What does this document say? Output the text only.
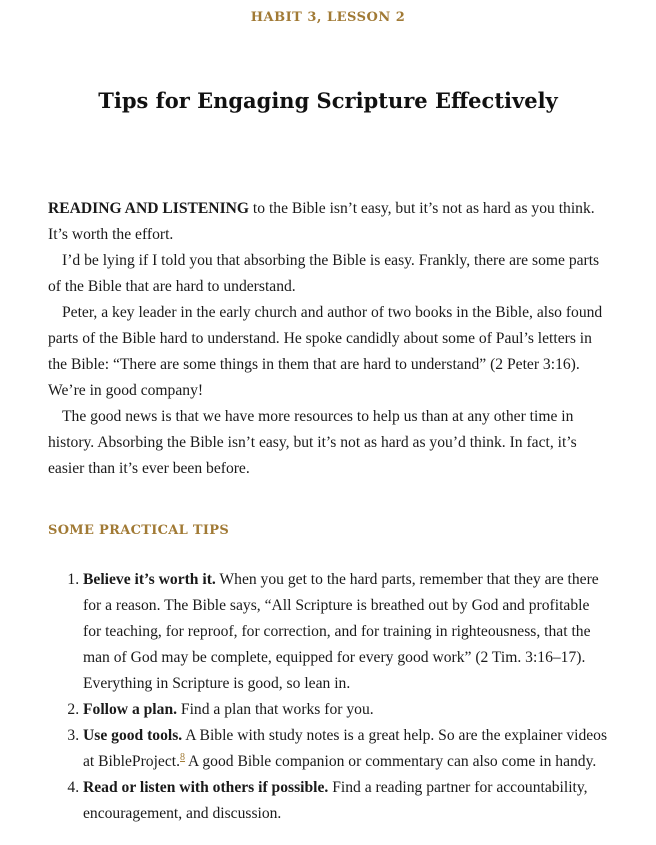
HABIT 3, LESSON 2
Tips for Engaging Scripture Effectively

READING AND LISTENING to the Bible isn’t easy, but it’s not as hard as you think. It’s worth the effort.

I’d be lying if I told you that absorbing the Bible is easy. Frankly, there are some parts of the Bible that are hard to understand.

Peter, a key leader in the early church and author of two books in the Bible, also found parts of the Bible hard to understand. He spoke candidly about some of Paul’s letters in the Bible: “There are some things in them that are hard to understand” (2 Peter 3:16). We’re in good company!

The good news is that we have more resources to help us than at any other time in history. Absorbing the Bible isn’t easy, but it’s not as hard as you’d think. In fact, it’s easier than it’s ever been before.

SOME PRACTICAL TIPS
1. Believe it’s worth it. When you get to the hard parts, remember that they are there for a reason. The Bible says, “All Scripture is breathed out by God and profitable for teaching, for reproof, for correction, and for training in righteousness, that the man of God may be complete, equipped for every good work” (2 Tim. 3:16–17). Everything in Scripture is good, so lean in.
2. Follow a plan. Find a plan that works for you.
3. Use good tools. A Bible with study notes is a great help. So are the explainer videos at BibleProject.$^8$ A good Bible companion or commentary can also come in handy.
4. Read or listen with others if possible. Find a reading partner for accountability, encouragement, and discussion.
